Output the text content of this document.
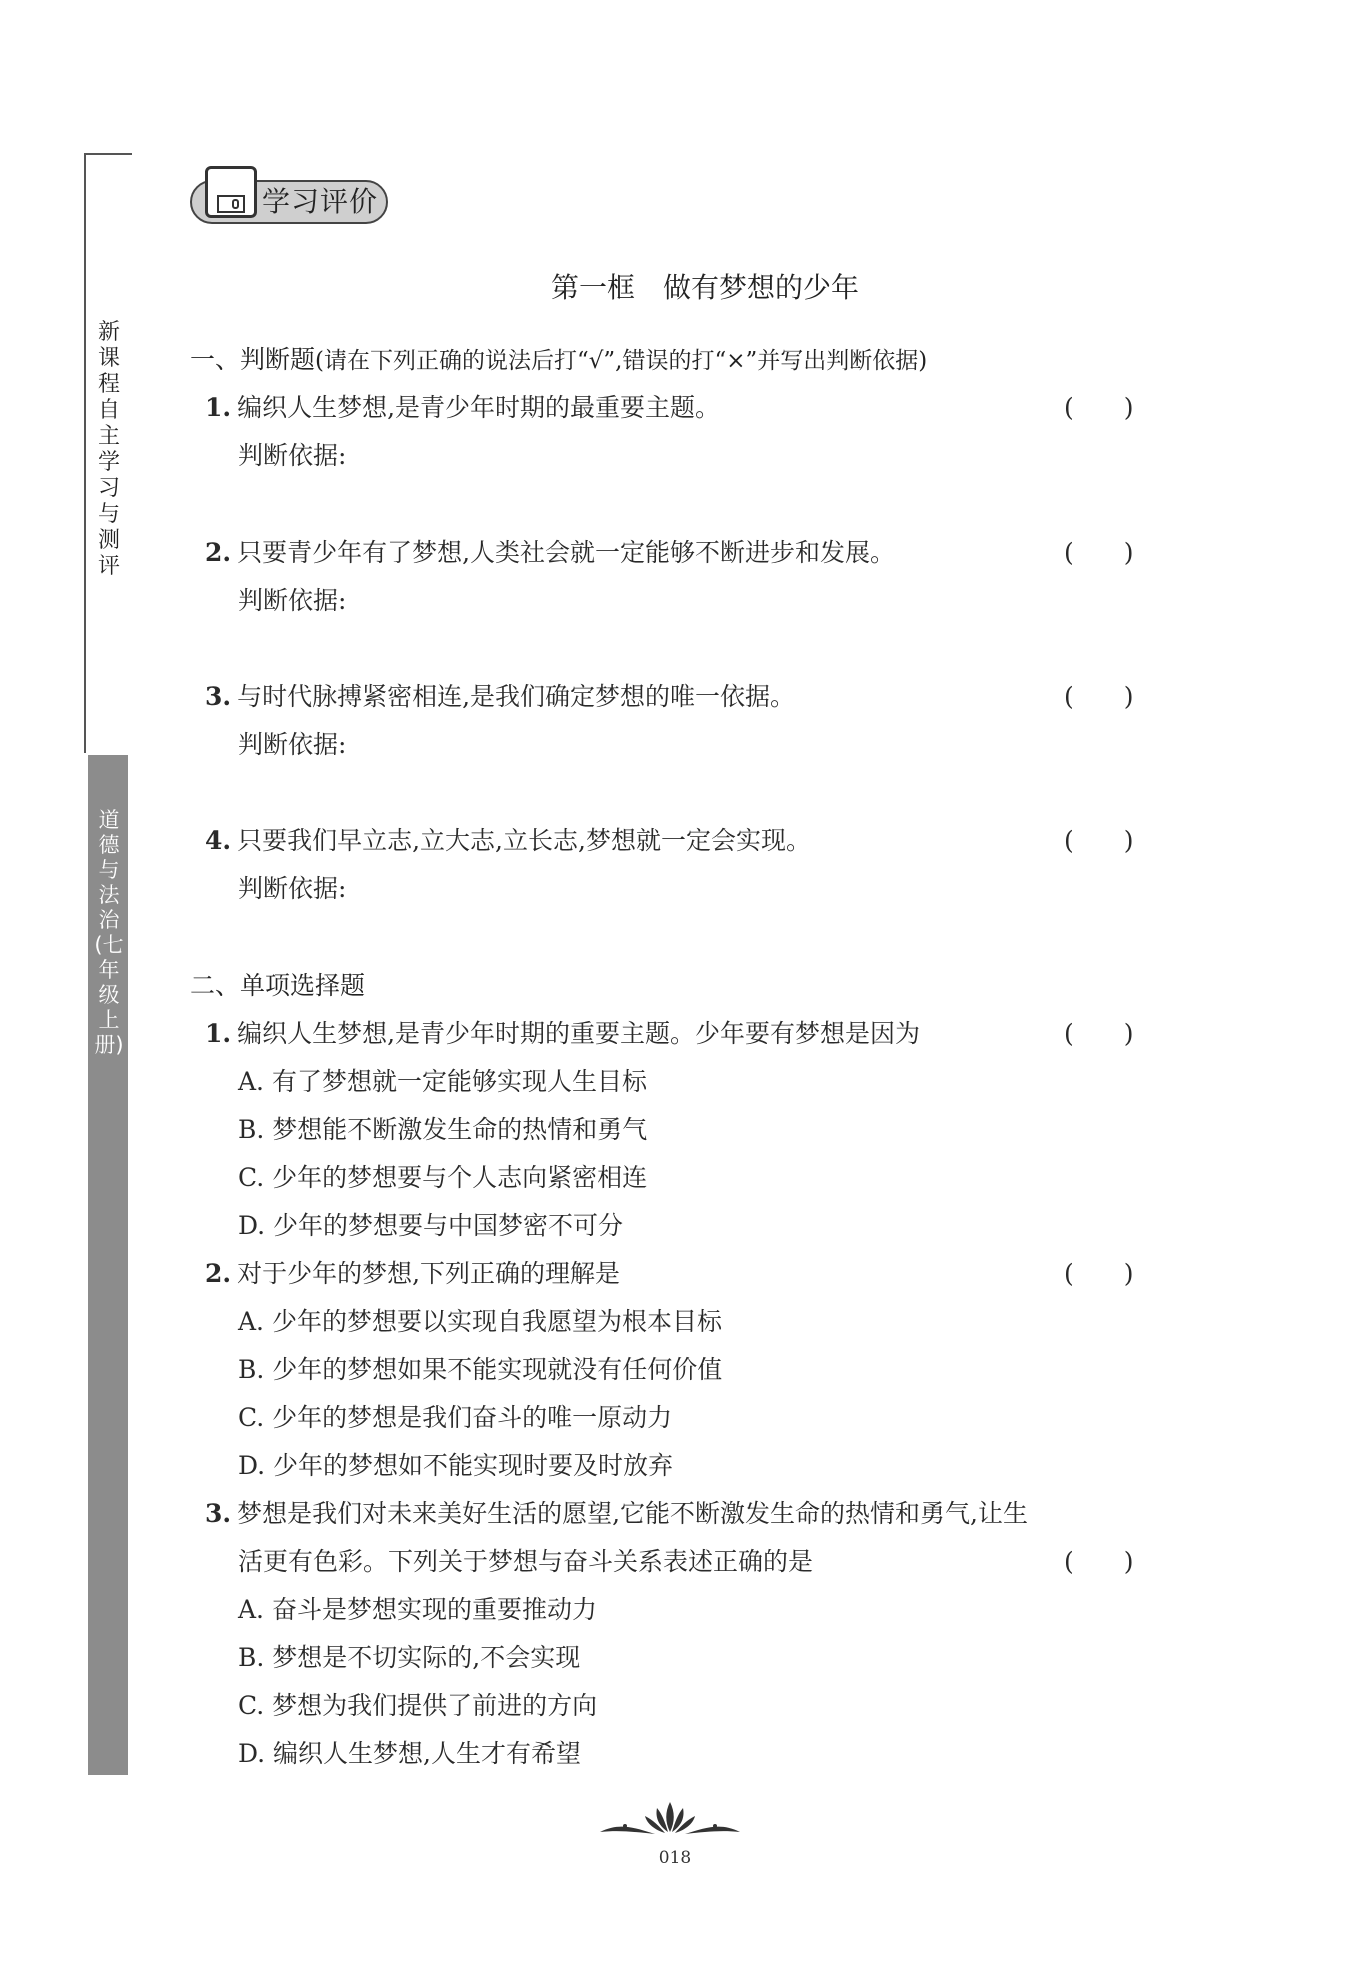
新课程自主学习与测评
道德与法治(七年级上册)
学习评价
第一框　做有梦想的少年
一、判断题(请在下列正确的说法后打“√”,错误的打“×”并写出判断依据)
1. 编织人生梦想,是青少年时期的最重要主题。	(　　)
判断依据:
2. 只要青少年有了梦想,人类社会就一定能够不断进步和发展。	(　　)
判断依据:
3. 与时代脉搏紧密相连,是我们确定梦想的唯一依据。	(　　)
判断依据:
4. 只要我们早立志,立大志,立长志,梦想就一定会实现。	(　　)
判断依据:
二、单项选择题
1. 编织人生梦想,是青少年时期的重要主题。少年要有梦想是因为	(　　)
A. 有了梦想就一定能够实现人生目标
B. 梦想能不断激发生命的热情和勇气
C. 少年的梦想要与个人志向紧密相连
D. 少年的梦想要与中国梦密不可分
2. 对于少年的梦想,下列正确的理解是	(　　)
A. 少年的梦想要以实现自我愿望为根本目标
B. 少年的梦想如果不能实现就没有任何价值
C. 少年的梦想是我们奋斗的唯一原动力
D. 少年的梦想如不能实现时要及时放弃
3. 梦想是我们对未来美好生活的愿望,它能不断激发生命的热情和勇气,让生
活更有色彩。下列关于梦想与奋斗关系表述正确的是	(　　)
A. 奋斗是梦想实现的重要推动力
B. 梦想是不切实际的,不会实现
C. 梦想为我们提供了前进的方向
D. 编织人生梦想,人生才有希望
018
